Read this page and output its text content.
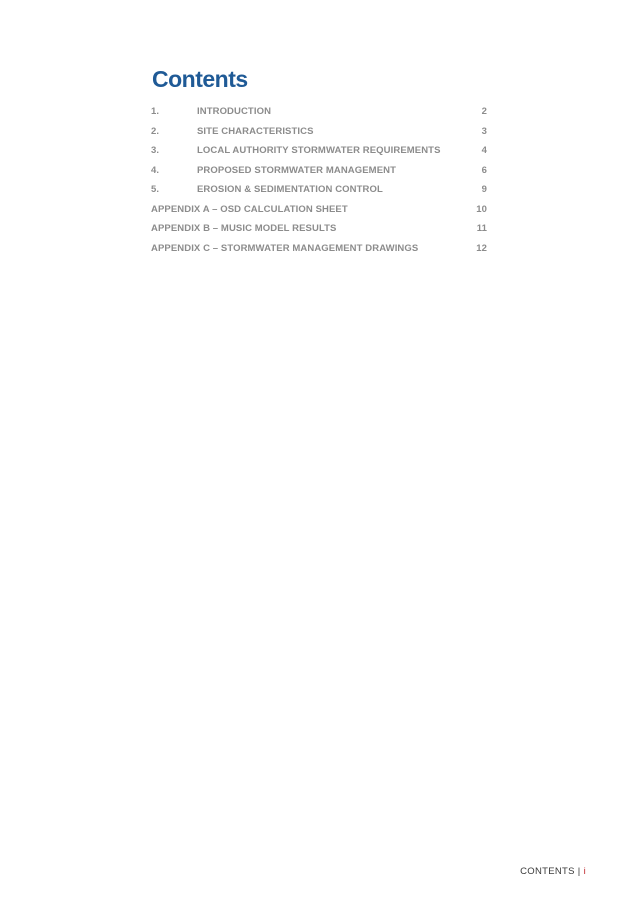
Contents
1.	INTRODUCTION	2
2.	SITE CHARACTERISTICS	3
3.	LOCAL AUTHORITY STORMWATER REQUIREMENTS	4
4.	PROPOSED STORMWATER MANAGEMENT	6
5.	EROSION & SEDIMENTATION CONTROL	9
APPENDIX A – OSD CALCULATION SHEET	10
APPENDIX B – MUSIC MODEL RESULTS	11
APPENDIX C – STORMWATER MANAGEMENT DRAWINGS	12
CONTENTS | i
